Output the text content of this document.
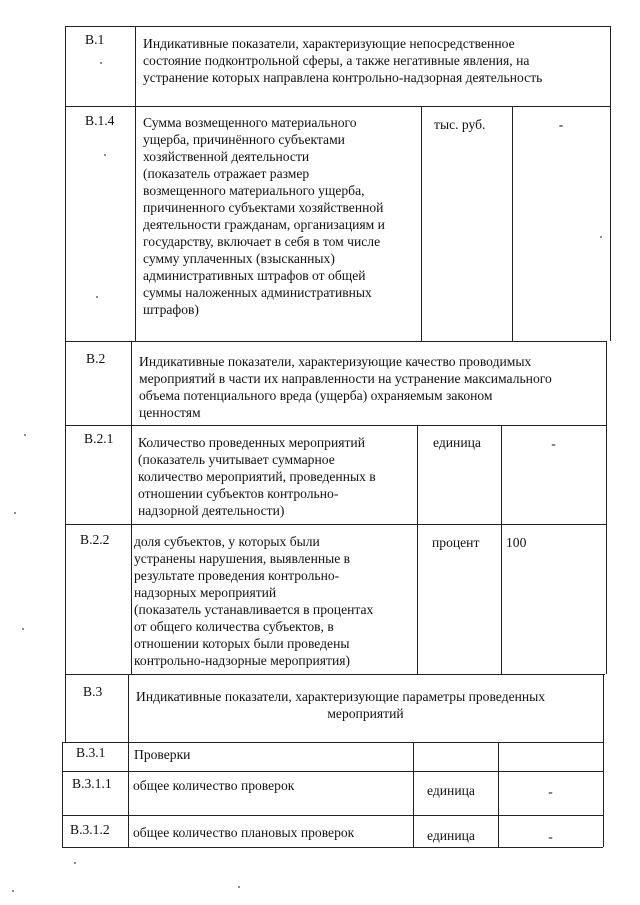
В.1	Индикативные показатели, характеризующие непосредственное
состояние подконтрольной сферы, а также негативные явления, на
устранение которых направлена контрольно-надзорная деятельность
В.1.4 Сумма возмещенного материального
ущерба, причинённого субъектами
хозяйственной деятельности
(показатель отражает размер
возмещенного материального ущерба,
причиненного субъектами хозяйственной
деятельности гражданам, организациям и
государству, включает в себя в том числе
сумму уплаченных (взысканных)
административных штрафов от общей
суммы наложенных административных
штрафов)
тыс. руб.	-
В.2 Индикативные показатели, характеризующие качество проводимых
мероприятий в части их направленности на устранение максимального
объема потенциального вреда (ущерба) охраняемым законом
ценностям
В.2.1 Количество проведенных мероприятий
(показатель учитывает суммарное
количество мероприятий, проведенных в
отношении субъектов контрольно-
надзорной деятельности)
единица	-
В.2.2 доля субъектов, у которых были
устранены нарушения, выявленные в
результате проведения контрольно-
надзорных мероприятий
(показатель устанавливается в процентах
от общего количества субъектов, в
отношении которых были проведены
контрольно-надзорные мероприятия)
процент 100
В.3 Индикативные показатели, характеризующие параметры проведенных
мероприятий
В.3.1 Проверки
В.3.1.1 общее количество проверок	единица	-
В.3.1.2 общее количество плановых проверок	единица	-
